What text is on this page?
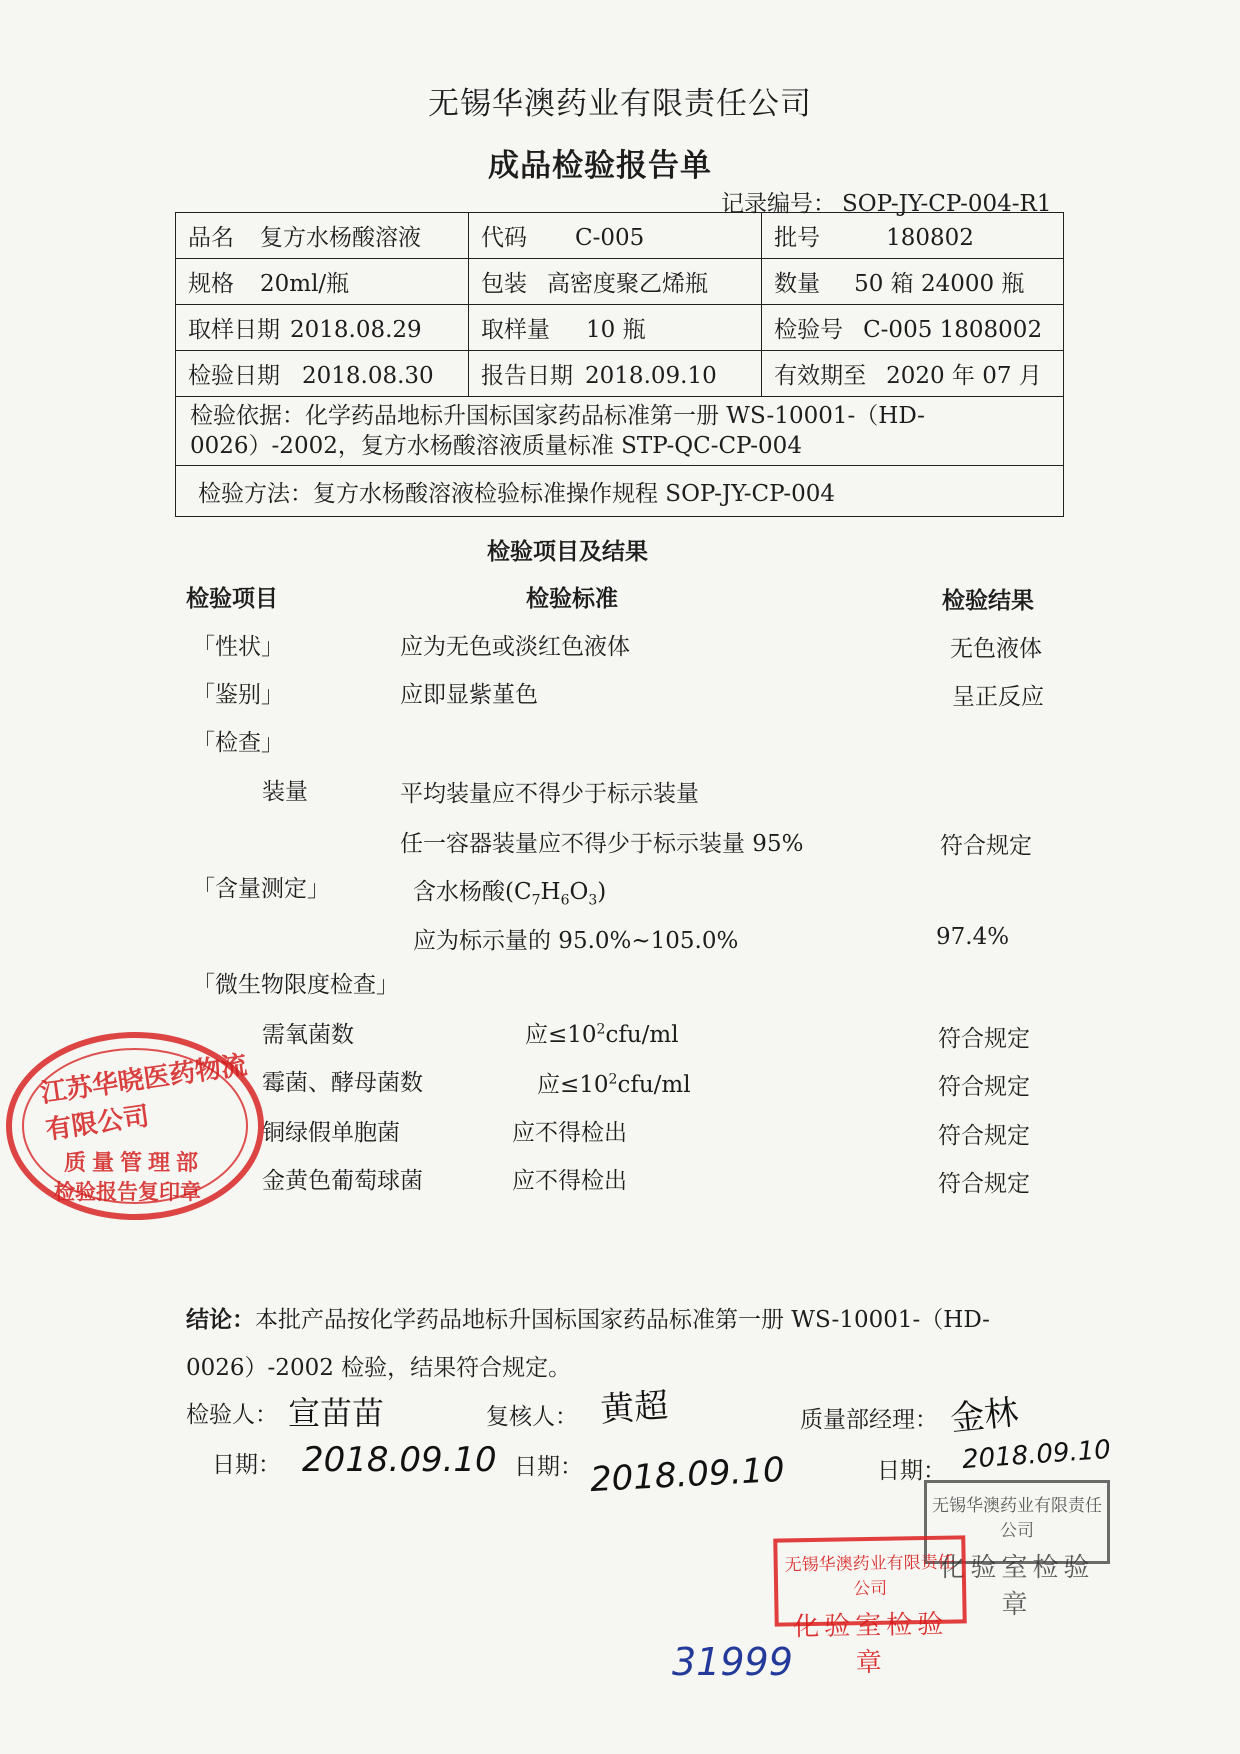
无锡华澳药业有限责任公司
成品检验报告单
记录编号： SOP-JY-CP-004-R1
品名 复方水杨酸溶液	代码 C-005	批号 180802
规格 20ml/瓶	包装 高密度聚乙烯瓶	数量 50 箱 24000 瓶
取样日期 2018.08.29	取样量 10 瓶	检验号 C-005 1808002
检验日期 2018.08.30	报告日期 2018.09.10	有效期至 2020 年 07 月
检验依据：化学药品地标升国标国家药品标准第一册 WS-10001-（HD-0026）-2002，复方水杨酸溶液质量标准 STP-QC-CP-004		
检验方法：复方水杨酸溶液检验标准操作规程 SOP-JY-CP-004		
检验项目及结果
检验项目	检验标准	检验结果
「性状」	应为无色或淡红色液体	无色液体
「鉴别」	应即显紫堇色	呈正反应
「检查」
装量	平均装量应不得少于标示装量
任一容器装量应不得少于标示装量 95%	符合规定
「含量测定」	含水杨酸$(C_7H_6O_3)$
应为标示量的 95.0%~105.0%	97.4%
「微生物限度检查」
需氧菌数	应$\le 10^2cfu/ml$	符合规定
霉菌、酵母菌数	应$\le 10^2cfu/ml$	符合规定
铜绿假单胞菌	应不得检出	符合规定
金黄色葡萄球菌	应不得检出	符合规定
江苏华晓医药物流有限公司
质量管理部
检验报告复印章
结论：本批产品按化学药品地标升国标国家药品标准第一册 WS-10001-（HD-0026）-2002 检验，结果符合规定。
检验人： 宣苗苗	复核人： 黄超	质量部经理： 金林
日期： 2018.09.10 日期： 2018.09.10	日期： 2018.09.10
无锡华澳药业有限责任公司
化验室检验章
无锡华澳药业有限责任公司
化验室检验章
31999
